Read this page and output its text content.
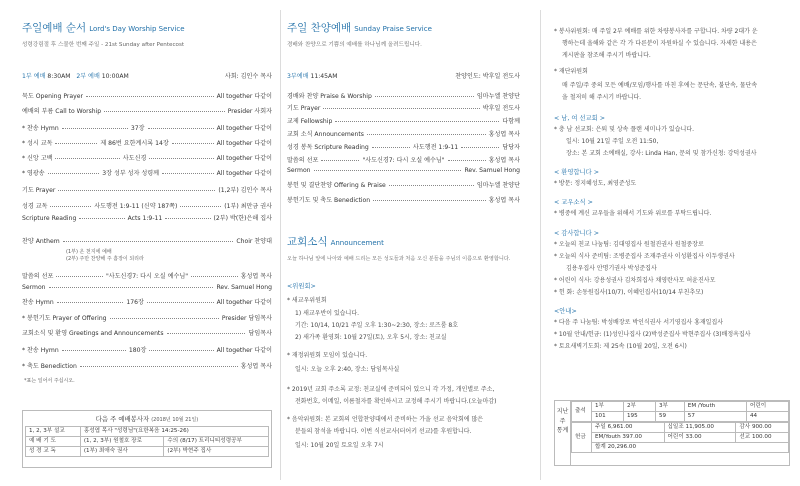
주일예배 순서 Lord's Day Worship Service
성령강림절 후 스물한 번째 주일 - 21st Sunday after Pentecost
1부 예배 8:30AM 2부 예배 10:00AM	사회: 김인수 목사
묵도 Opening Prayer	All together 다같이
예배의 부름 Call to Worship	Presider 사회자
* 찬송 Hymn	37장	All together 다같이
* 성시 교독	제 86번 요한계시록 14장	All together 다같이
* 신앙 고백	사도신경	All together 다같이
* 영광송	3장 성부 성자 성령께	All together 다같이
기도 Prayer	(1,2부) 김인수 목사
성경 교독	사도행전 1:9-11 (신약 187쪽)	(1부) 최만금 권사
Scripture Reading	Acts 1:9-11	(2부) 박(한)은해 집사
찬양 Anthem	Choir 찬양대
말씀의 선포	"사도신경7: 다시 오실 예수님"	홍성엽 목사
Sermon	Rev. Samuel Hong
찬송 Hymn	176장	All together 다같이
* 봉헌기도 Prayer of Offering	Presider 담임목사
교회소식 및 환영 Greetings and Announcements	담임목사
* 찬송 Hymn	180장	All together 다같이
* 축도 Benediction	홍성엽 목사
(1부) 온 천지에 예배
(2부) 주만 찬양해 주 흠장이 되리라
*표는 일어서 주십시오.
다음 주 예배봉사자 (2018년 10월 21일)
1, 2, 3부 설교	홍성엽 목사 "성령님"(요한복음 14:25-26)	
예 배 기 도	(1, 2, 3부) 원철호 장로	수의 (8/17) 트리니티성령공부
성 경 교 독	(1부) 최애숙 권사	(2부) 박현주 집사
주일 찬양예배 Sunday Praise Service
경배와 찬양으로 기쁨의 예배를 하나님께 올려드립니다.
3부예배 11:45AM	찬양인도: 박후일 전도사
경배와 찬양 Praise & Worship	임마누엘 찬양단
기도 Prayer	박후일 전도사
교제 Fellowship	다함께
교회 소식 Announcements	홍성엽 목사
성경 봉독 Scripture Reading	사도행전 1:9-11	담당자
말씀의 선포	"사도신경7: 다시 오실 예수님"	홍성엽 목사
Sermon	Rev. Samuel Hong
봉헌 및 결단찬양 Offering & Praise	임마누엘 찬양단
봉헌기도 및 축도 Benediction	홍성엽 목사
교회소식 Announcement
오늘 하나님 앞에 나아와 예배 드리는 모든 성도들과 처음 오신 분들을 주님의 이름으로 환영합니다.
<위원회>
* 새교우위원회
1) 새교우반이 있습니다.
기간: 10/14, 10/21 주일 오후 1:30~2:30, 장소: 로즈룸 8호
2) 새가족 환영회: 10월 27일(토), 오후 5시, 장소: 친교실
* 재정위원회 모임이 있습니다.
일시: 오늘 오후 2:40, 장소: 담임목사실
* 2019년 교회 주소록 교정: 친교실에 준비되어 있으니 각 가정, 개인별로 주소,
전화번호, 이메일, 이름철자를 확인하시고 교정해 주시기 바랍니다.(오늘마감)
* 음악위원회: 본 교회의 언합찬양대에서 준비하는 가을 선교 음악회에 많은
분들의 참석을 바랍니다. 이번 식선교사(터어키 선교)를 후원합니다.
일시: 10월 20일 토요일 오후 7시
* 봉사위원회: 매 주일 2부 예배를 위한 차량봉사자를 구합니다. 차량 2대가 운
행하는데 올해와 같은 각 가 다른분이 자원하실 수 있습니다. 자세한 내용은
게시판을 참조해 주시기 바랍니다.
* 재단위원회
매 주일/주 중의 모든 예배/모임/행사를 마친 후에는 문단속, 불단속, 물단속
을 철저히 해 주시기 바랍니다.
< 남, 여 선교회 >
* 충 남 선교회: 은퇴 및 상속 플랜 세미나가 있습니다.
일시: 10월 21일 주일 오전 11:50,
장소: 본 교회 소예배실, 강사: Linda Han, 문의 및 참가신청: 강덕성권사
< 환영합니다 >
* 방문: 정지혜성도, 최영준성도
< 교우소식 >
* 병중에 계신 교우들을 위해서 기도와 위로를 부탁드립니다.
< 감사합니다 >
* 오늘의 친교 나눔팀: 김대영집사 원철진권사 원철중장로
* 오늘의 식사 준비팀: 조병준집사 조재주권사 이성환집사 이두생권사
김용우집사 안명기권사 박성준집사
* 어린이 식사: 강용성권사 김차희집사 채영란사모 허윤진사모
* 헌 화: 손동원집사(10/7), 이혜인집사(10/14 부친추모)
<안내>
* 다음 주 나눔팀: 박성배장로 박인식권사 서기영집사 홍재일집사
* 10월 안내/헌금: (1)성인나집사 (2)박성준집사 박현주집사 (3)배정옥집사
* 토요새벽기도회: 제 25속 (10월 20일, 오전 6시)
지난
주
통계
출석	1부	2부	3부	EM /Youth	어린이
	101	195	59	57	44
헌금	주일 6,961.00	십일조 11,905.00	감사 900.00
	EM/Youth 397.00	어린이 33.00	선교 100.00
	합계 20,296.00		
